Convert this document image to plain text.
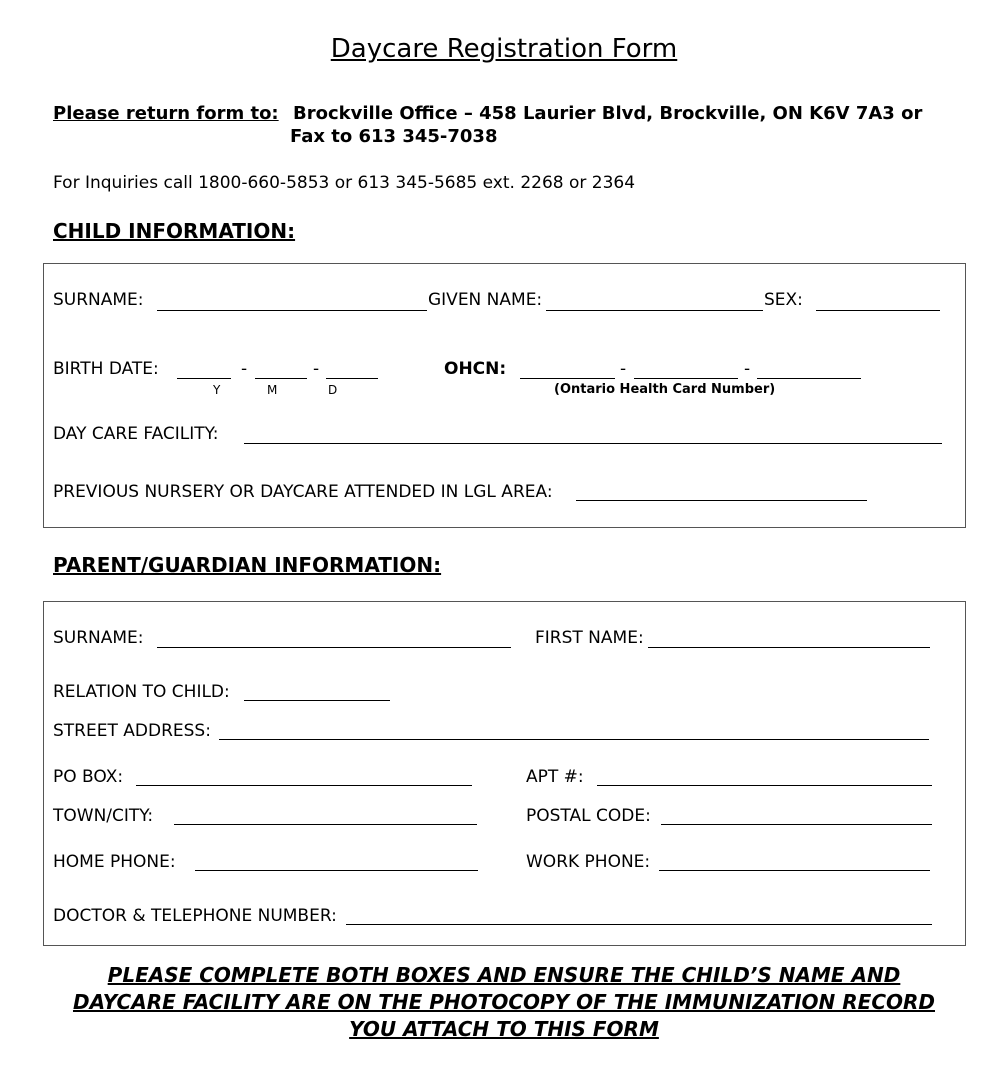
Daycare Registration Form
Please return form to: Brockville Office – 458 Laurier Blvd, Brockville, ON K6V 7A3 or
Fax to 613 345-7038
For Inquiries call 1800-660-5853 or 613 345-5685 ext. 2268 or 2364
CHILD INFORMATION:
SURNAME:	GIVEN NAME:	SEX:
BIRTH DATE:	-	-
Y	M	D
OHCN:	-	-
(Ontario Health Card Number)
DAY CARE FACILITY:
PREVIOUS NURSERY OR DAYCARE ATTENDED IN LGL AREA:
PARENT/GUARDIAN INFORMATION:
SURNAME:	FIRST NAME:
RELATION TO CHILD:
STREET ADDRESS:
PO BOX:	APT #:
TOWN/CITY:	POSTAL CODE:
HOME PHONE:	WORK PHONE:
DOCTOR & TELEPHONE NUMBER:
PLEASE COMPLETE BOTH BOXES AND ENSURE THE CHILD’S NAME AND
DAYCARE FACILITY ARE ON THE PHOTOCOPY OF THE IMMUNIZATION RECORD
YOU ATTACH TO THIS FORM
